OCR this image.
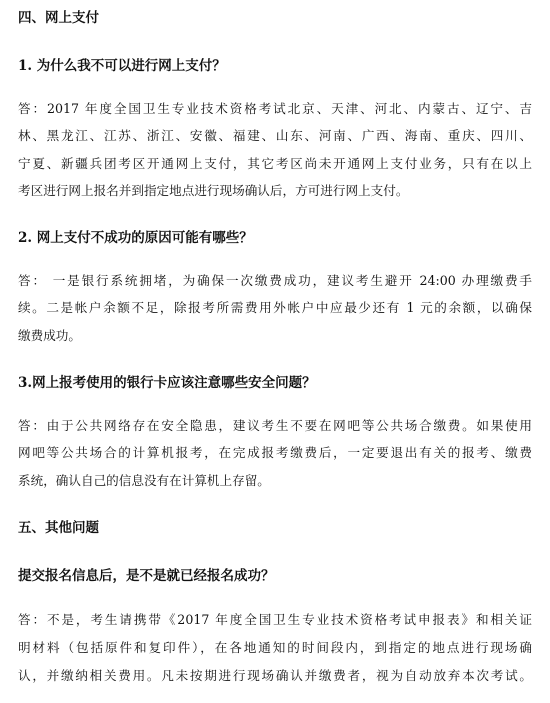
四、网上支付
1. 为什么我不可以进行网上支付？
答：2017 年度全国卫生专业技术资格考试北京、天津、河北、内蒙古、辽宁、吉
林、黑龙江、江苏、浙江、安徽、福建、山东、河南、广西、海南、重庆、四川、
宁夏、新疆兵团考区开通网上支付，其它考区尚未开通网上支付业务，只有在以上
考区进行网上报名并到指定地点进行现场确认后，方可进行网上支付。
2. 网上支付不成功的原因可能有哪些？
答： 一是银行系统拥堵，为确保一次缴费成功，建议考生避开 24:00 办理缴费手
续。二是帐户余额不足，除报考所需费用外帐户中应最少还有 1 元的余额，以确保
缴费成功。
3.网上报考使用的银行卡应该注意哪些安全问题？
答：由于公共网络存在安全隐患，建议考生不要在网吧等公共场合缴费。如果使用
网吧等公共场合的计算机报考，在完成报考缴费后，一定要退出有关的报考、缴费
系统，确认自己的信息没有在计算机上存留。
五、其他问题
提交报名信息后，是不是就已经报名成功？
答：不是，考生请携带《2017 年度全国卫生专业技术资格考试申报表》和相关证
明材料（包括原件和复印件），在各地通知的时间段内，到指定的地点进行现场确
认，并缴纳相关费用。凡未按期进行现场确认并缴费者，视为自动放弃本次考试。
